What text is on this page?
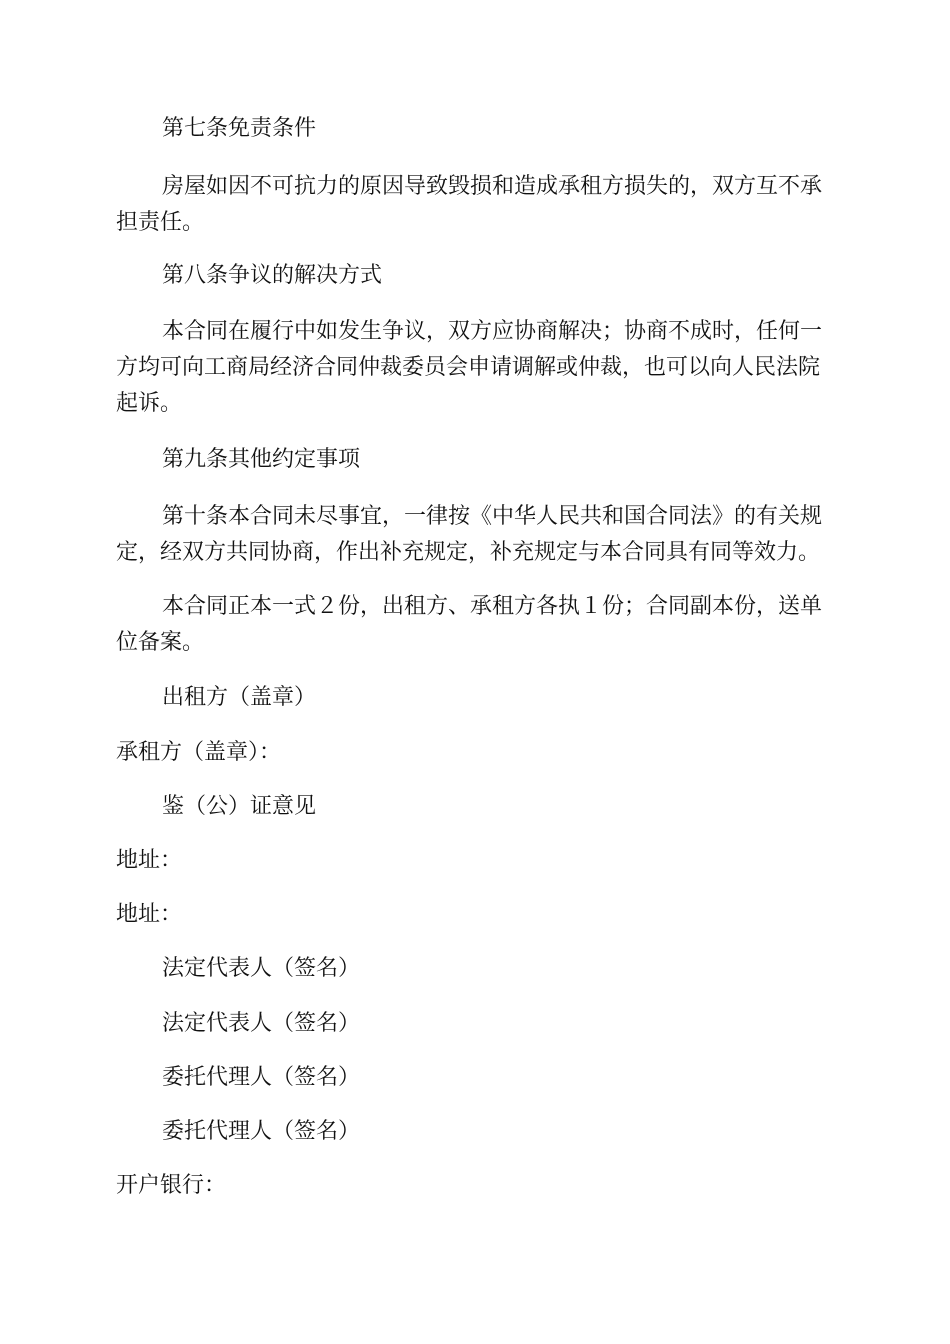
第七条免责条件

房屋如因不可抗力的原因导致毁损和造成承租方损失的，双方互不承担责任。

第八条争议的解决方式

本合同在履行中如发生争议，双方应协商解决；协商不成时，任何一方均可向工商局经济合同仲裁委员会申请调解或仲裁，也可以向人民法院起诉。

第九条其他约定事项

第十条本合同未尽事宜，一律按《中华人民共和国合同法》的有关规定，经双方共同协商，作出补充规定，补充规定与本合同具有同等效力。

本合同正本一式２份，出租方、承租方各执１份；合同副本份，送单位备案。

出租方（盖章）

承租方（盖章）：

鉴（公）证意见

地址：

地址：

法定代表人（签名）

法定代表人（签名）

委托代理人（签名）

委托代理人（签名）

开户银行：
